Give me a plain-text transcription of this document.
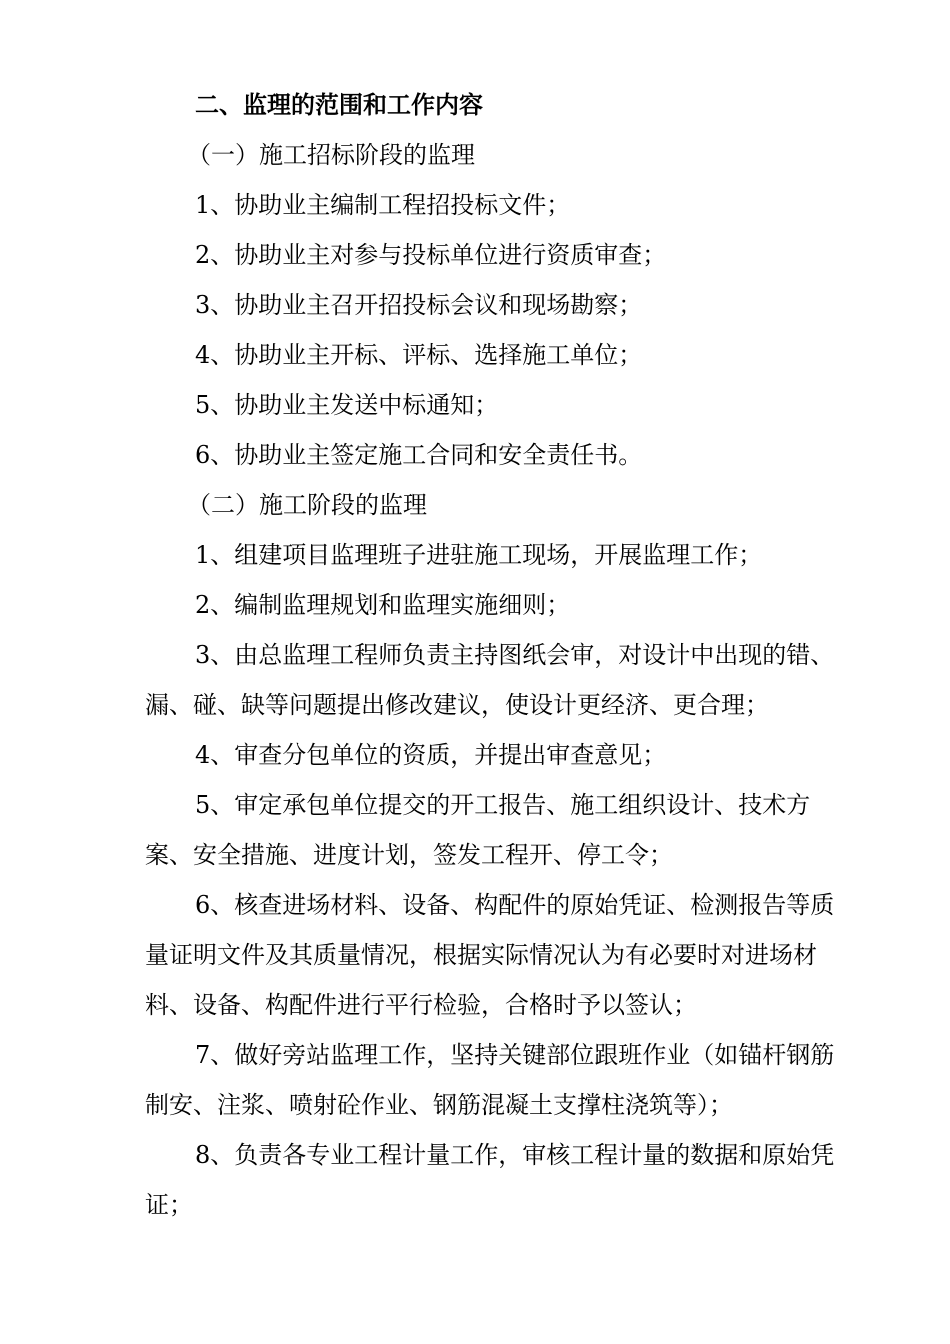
二、监理的范围和工作内容

（一）施工招标阶段的监理

1、协助业主编制工程招投标文件；

2、协助业主对参与投标单位进行资质审查；

3、协助业主召开招投标会议和现场勘察；

4、协助业主开标、评标、选择施工单位；

5、协助业主发送中标通知；

6、协助业主签定施工合同和安全责任书。

（二）施工阶段的监理

1、组建项目监理班子进驻施工现场，开展监理工作；

2、编制监理规划和监理实施细则；

3、由总监理工程师负责主持图纸会审，对设计中出现的错、漏、碰、缺等问题提出修改建议，使设计更经济、更合理；

4、审查分包单位的资质，并提出审查意见；

5、审定承包单位提交的开工报告、施工组织设计、技术方案、安全措施、进度计划，签发工程开、停工令；

6、核查进场材料、设备、构配件的原始凭证、检测报告等质量证明文件及其质量情况，根据实际情况认为有必要时对进场材料、设备、构配件进行平行检验，合格时予以签认；

7、做好旁站监理工作，坚持关键部位跟班作业（如锚杆钢筋制安、注浆、喷射砼作业、钢筋混凝土支撑柱浇筑等）；

8、负责各专业工程计量工作，审核工程计量的数据和原始凭证；
